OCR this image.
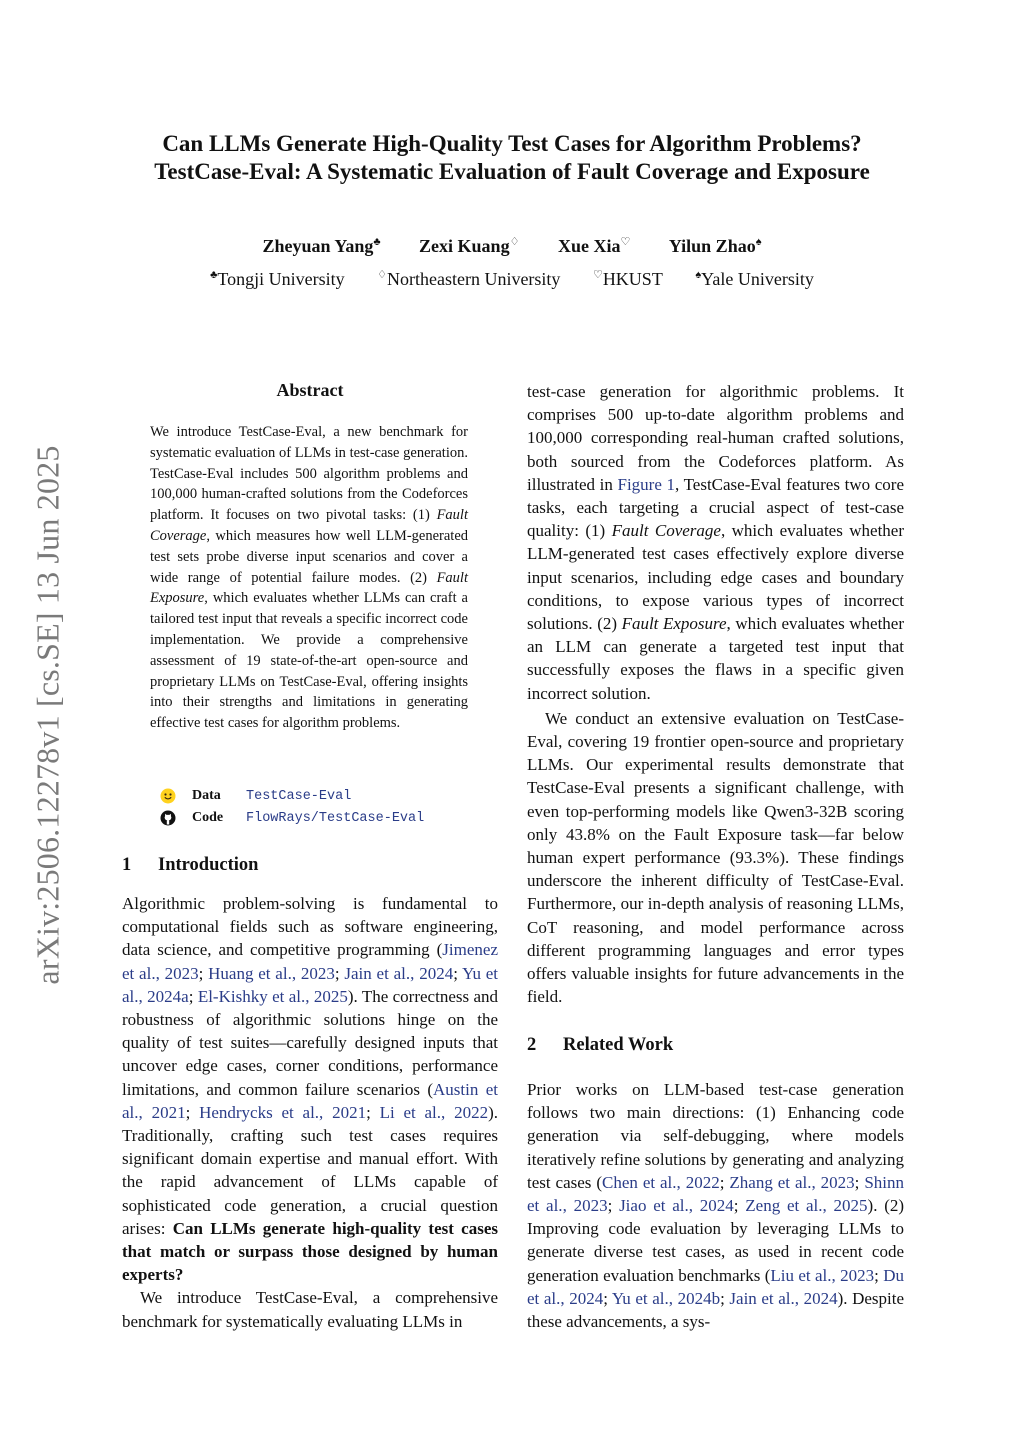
arXiv:2506.12278v1 [cs.SE] 13 Jun 2025
Can LLMs Generate High-Quality Test Cases for Algorithm Problems?
TestCase-Eval: A Systematic Evaluation of Fault Coverage and Exposure
Zheyuan Yang♣ Zexi Kuang♢ Xue Xia♡ Yilun Zhao♠
♣Tongji University	♢Northeastern University	♡HKUST	♠Yale University
Abstract
We introduce TestCase-Eval, a new benchmark for systematic evaluation of LLMs in test-case generation. TestCase-Eval includes 500 algorithm problems and 100,000 human-crafted solutions from the Codeforces platform. It focuses on two pivotal tasks: (1) Fault Coverage, which measures how well LLM-generated test sets probe diverse input scenarios and cover a wide range of potential failure modes. (2) Fault Exposure, which evaluates whether LLMs can craft a tailored test input that reveals a specific incorrect code implementation. We provide a comprehensive assessment of 19 state-of-the-art open-source and proprietary LLMs on TestCase-Eval, offering insights into their strengths and limitations in generating effective test cases for algorithm problems.
Data	TestCase-Eval
Code	FlowRays/TestCase-Eval
1 Introduction

Algorithmic problem-solving is fundamental to computational fields such as software engineering, data science, and competitive programming (Jimenez et al., 2023; Huang et al., 2023; Jain et al., 2024; Yu et al., 2024a; El-Kishky et al., 2025). The correctness and robustness of algorithmic solutions hinge on the quality of test suites—carefully designed inputs that uncover edge cases, corner conditions, performance limitations, and common failure scenarios (Austin et al., 2021; Hendrycks et al., 2021; Li et al., 2022). Traditionally, crafting such test cases requires significant domain expertise and manual effort. With the rapid advancement of LLMs capable of sophisticated code generation, a crucial question arises: Can LLMs generate high-quality test cases that match or surpass those designed by human experts?

We introduce TestCase-Eval, a comprehensive benchmark for systematically evaluating LLMs in

test-case generation for algorithmic problems. It comprises 500 up-to-date algorithm problems and 100,000 corresponding real-human crafted solutions, both sourced from the Codeforces platform. As illustrated in Figure 1, TestCase-Eval features two core tasks, each targeting a crucial aspect of test-case quality: (1) Fault Coverage, which evaluates whether LLM-generated test cases effectively explore diverse input scenarios, including edge cases and boundary conditions, to expose various types of incorrect solutions. (2) Fault Exposure, which evaluates whether an LLM can generate a targeted test input that successfully exposes the flaws in a specific given incorrect solution.

We conduct an extensive evaluation on TestCase-Eval, covering 19 frontier open-source and proprietary LLMs. Our experimental results demonstrate that TestCase-Eval presents a significant challenge, with even top-performing models like Qwen3-32B scoring only 43.8% on the Fault Exposure task—far below human expert performance (93.3%). These findings underscore the inherent difficulty of TestCase-Eval. Furthermore, our in-depth analysis of reasoning LLMs, CoT reasoning, and model performance across different programming languages and error types offers valuable insights for future advancements in the field.

2 Related Work

Prior works on LLM-based test-case generation follows two main directions: (1) Enhancing code generation via self-debugging, where models iteratively refine solutions by generating and analyzing test cases (Chen et al., 2022; Zhang et al., 2023; Shinn et al., 2023; Jiao et al., 2024; Zeng et al., 2025). (2) Improving code evaluation by leveraging LLMs to generate diverse test cases, as used in recent code generation evaluation benchmarks (Liu et al., 2023; Du et al., 2024; Yu et al., 2024b; Jain et al., 2024). Despite these advancements, a sys-
